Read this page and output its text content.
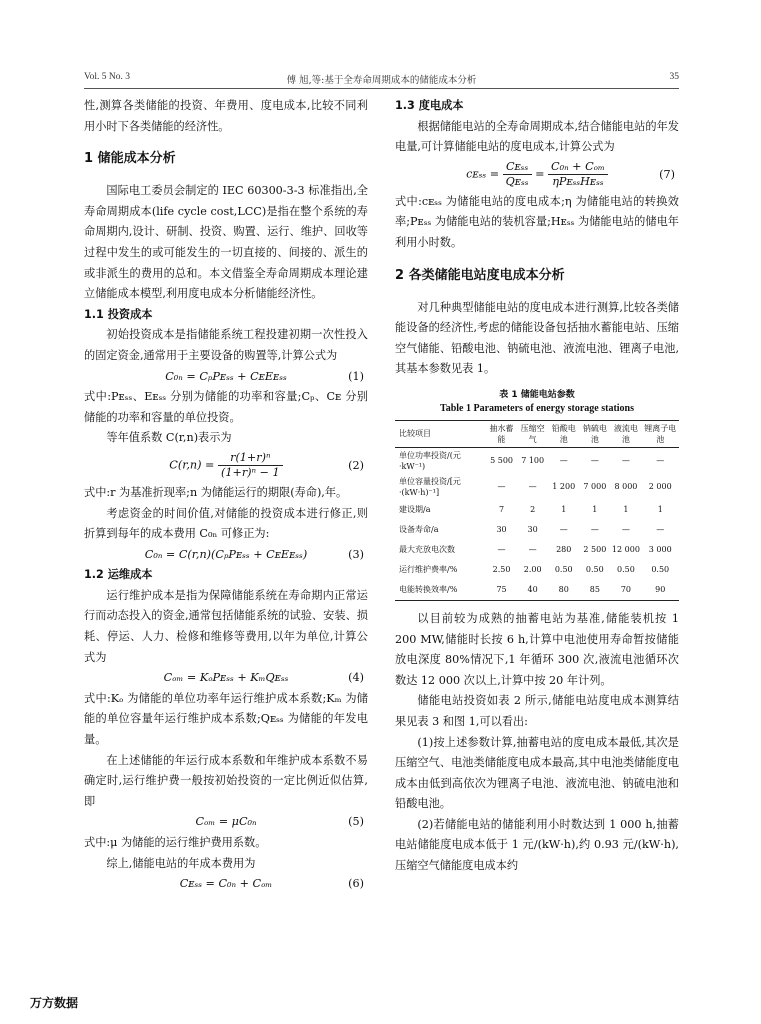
Vol. 5 No. 3	傅 旭,等:基于全寿命周期成本的储能成本分析	35

性,测算各类储能的投资、年费用、度电成本,比较不同利用小时下各类储能的经济性。

1 储能成本分析

国际电工委员会制定的 IEC 60300-3-3 标准指出,全寿命周期成本(life cycle cost,LCC)是指在整个系统的寿命周期内,设计、研制、投资、购置、运行、维护、回收等过程中发生的或可能发生的一切直接的、间接的、派生的或非派生的费用的总和。本文借鉴全寿命周期成本理论建立储能成本模型,利用度电成本分析储能经济性。

1.1 投资成本

初始投资成本是指储能系统工程投建初期一次性投入的固定资金,通常用于主要设备的购置等,计算公式为

C₀ₙ = CₚPᴇₛₛ + CᴇEᴇₛₛ	(1)

式中:Pᴇₛₛ、Eᴇₛₛ 分别为储能的功率和容量;Cₚ、Cᴇ 分别储能的功率和容量的单位投资。

等年值系数 C(r,n)表示为

$C(r,n) = \frac{\text{r(1+r)ⁿ}}{\text{(1+r)ⁿ − 1}}$	(2)

式中:r 为基准折现率;n 为储能运行的期限(寿命),年。

考虑资金的时间价值,对储能的投资成本进行修正,则折算到每年的成本费用 C₀ₙ 可修正为:

C₀ₙ = C(r,n)(CₚPᴇₛₛ + CᴇEᴇₛₛ)	(3)
1.2 运维成本

运行维护成本是指为保障储能系统在寿命期内正常运行而动态投入的资金,通常包括储能系统的试验、安装、损耗、停运、人力、检修和维修等费用,以年为单位,计算公式为

Cₒₘ = KₒPᴇₛₛ + KₘQᴇₛₛ	(4)

式中:Kₒ 为储能的单位功率年运行维护成本系数;Kₘ 为储能的单位容量年运行维护成本系数;Qᴇₛₛ 为储能的年发电量。

在上述储能的年运行成本系数和年维护成本系数不易确定时,运行维护费一般按初始投资的一定比例近似估算,即

Cₒₘ = μC₀ₙ	(5)

式中:μ 为储能的运行维护费用系数。

综上,储能电站的年成本费用为

Cᴇₛₛ = C₀ₙ + Cₒₘ	(6)
1.3 度电成本

根据储能电站的全寿命周期成本,结合储能电站的年发电量,可计算储能电站的度电成本,计算公式为

cᴇₛₛ = $\frac{\text{Cᴇₛₛ}}{\text{Qᴇₛₛ}} = \frac{\text{C₀ₙ + Cₒₘ}}{\text{ηPᴇₛₛHᴇₛₛ}}$	(7)

式中:cᴇₛₛ 为储能电站的度电成本;η 为储能电站的转换效率;Pᴇₛₛ 为储能电站的装机容量;Hᴇₛₛ 为储能电站的储电年利用小时数。

2 各类储能电站度电成本分析

对几种典型储能电站的度电成本进行测算,比较各类储能设备的经济性,考虑的储能设备包括抽水蓄能电站、压缩空气储能、铅酸电池、钠硫电池、液流电池、锂离子电池,其基本参数见表 1。

表 1 储能电站参数
Table 1 Parameters of energy storage stations
比较项目	抽水蓄能	压缩空气	铅酸电池	钠硫电池	液流电池	锂离子电池
单位功率投资/(元·kW⁻¹)	5 500	7 100	—	—	—	—
单位容量投资/[元·(kW·h)⁻¹]	—	—	1 200	7 000	8 000	2 000
建设期/a	7	2	1	1	1	1
设备寿命/a	30	30	—	—	—	—
最大充放电次数	—	—	280	2 500	12 000	3 000
运行维护费率/%	2.50	2.00	0.50	0.50	0.50	0.50
电能转换效率/%	75	40	80	85	70	90

以目前较为成熟的抽蓄电站为基准,储能装机按 1 200 MW,储能时长按 6 h,计算中电池使用寿命暂按储能放电深度 80%情况下,1 年循环 300 次,液流电池循环次数达 12 000 次以上,计算中按 20 年计列。

储能电站投资如表 2 所示,储能电站度电成本测算结果见表 3 和图 1,可以看出:

(1)按上述参数计算,抽蓄电站的度电成本最低,其次是压缩空气、电池类储能度电成本最高,其中电池类储能度电成本由低到高依次为锂离子电池、液流电池、钠硫电池和铅酸电池。

(2)若储能电站的储能利用小时数达到 1 000 h,抽蓄电站储能度电成本低于 1 元/(kW·h),约 0.93 元/(kW·h),压缩空气储能度电成本约

万方数据
